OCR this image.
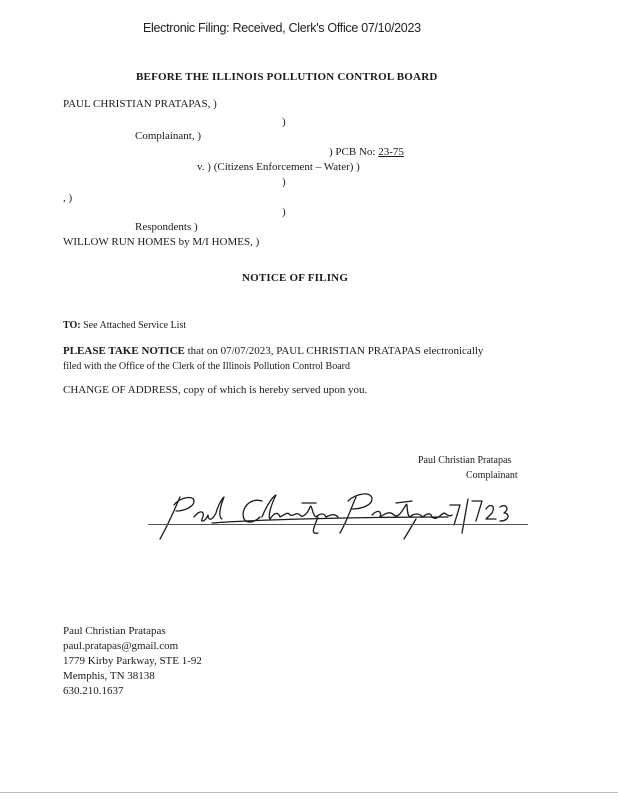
Electronic Filing: Received, Clerk's Office 07/10/2023
BEFORE THE ILLINOIS POLLUTION CONTROL BOARD
PAUL CHRISTIAN PRATAPAS, )
)
Complainant, )
) PCB No: 23-75
v. ) (Citizens Enforcement – Water) )
)
, )
)
Respondents )
WILLOW RUN HOMES by M/I HOMES, )
NOTICE OF FILING
TO: See Attached Service List
PLEASE TAKE NOTICE that on 07/07/2023, PAUL CHRISTIAN PRATAPAS electronically
filed with the Office of the Clerk of the Illinois Pollution Control Board
CHANGE OF ADDRESS, copy of which is hereby served upon you.
Paul Christian Pratapas
Complainant
Paul Christian Pratapas
paul.pratapas@gmail.com
1779 Kirby Parkway, STE 1-92
Memphis, TN 38138
630.210.1637
